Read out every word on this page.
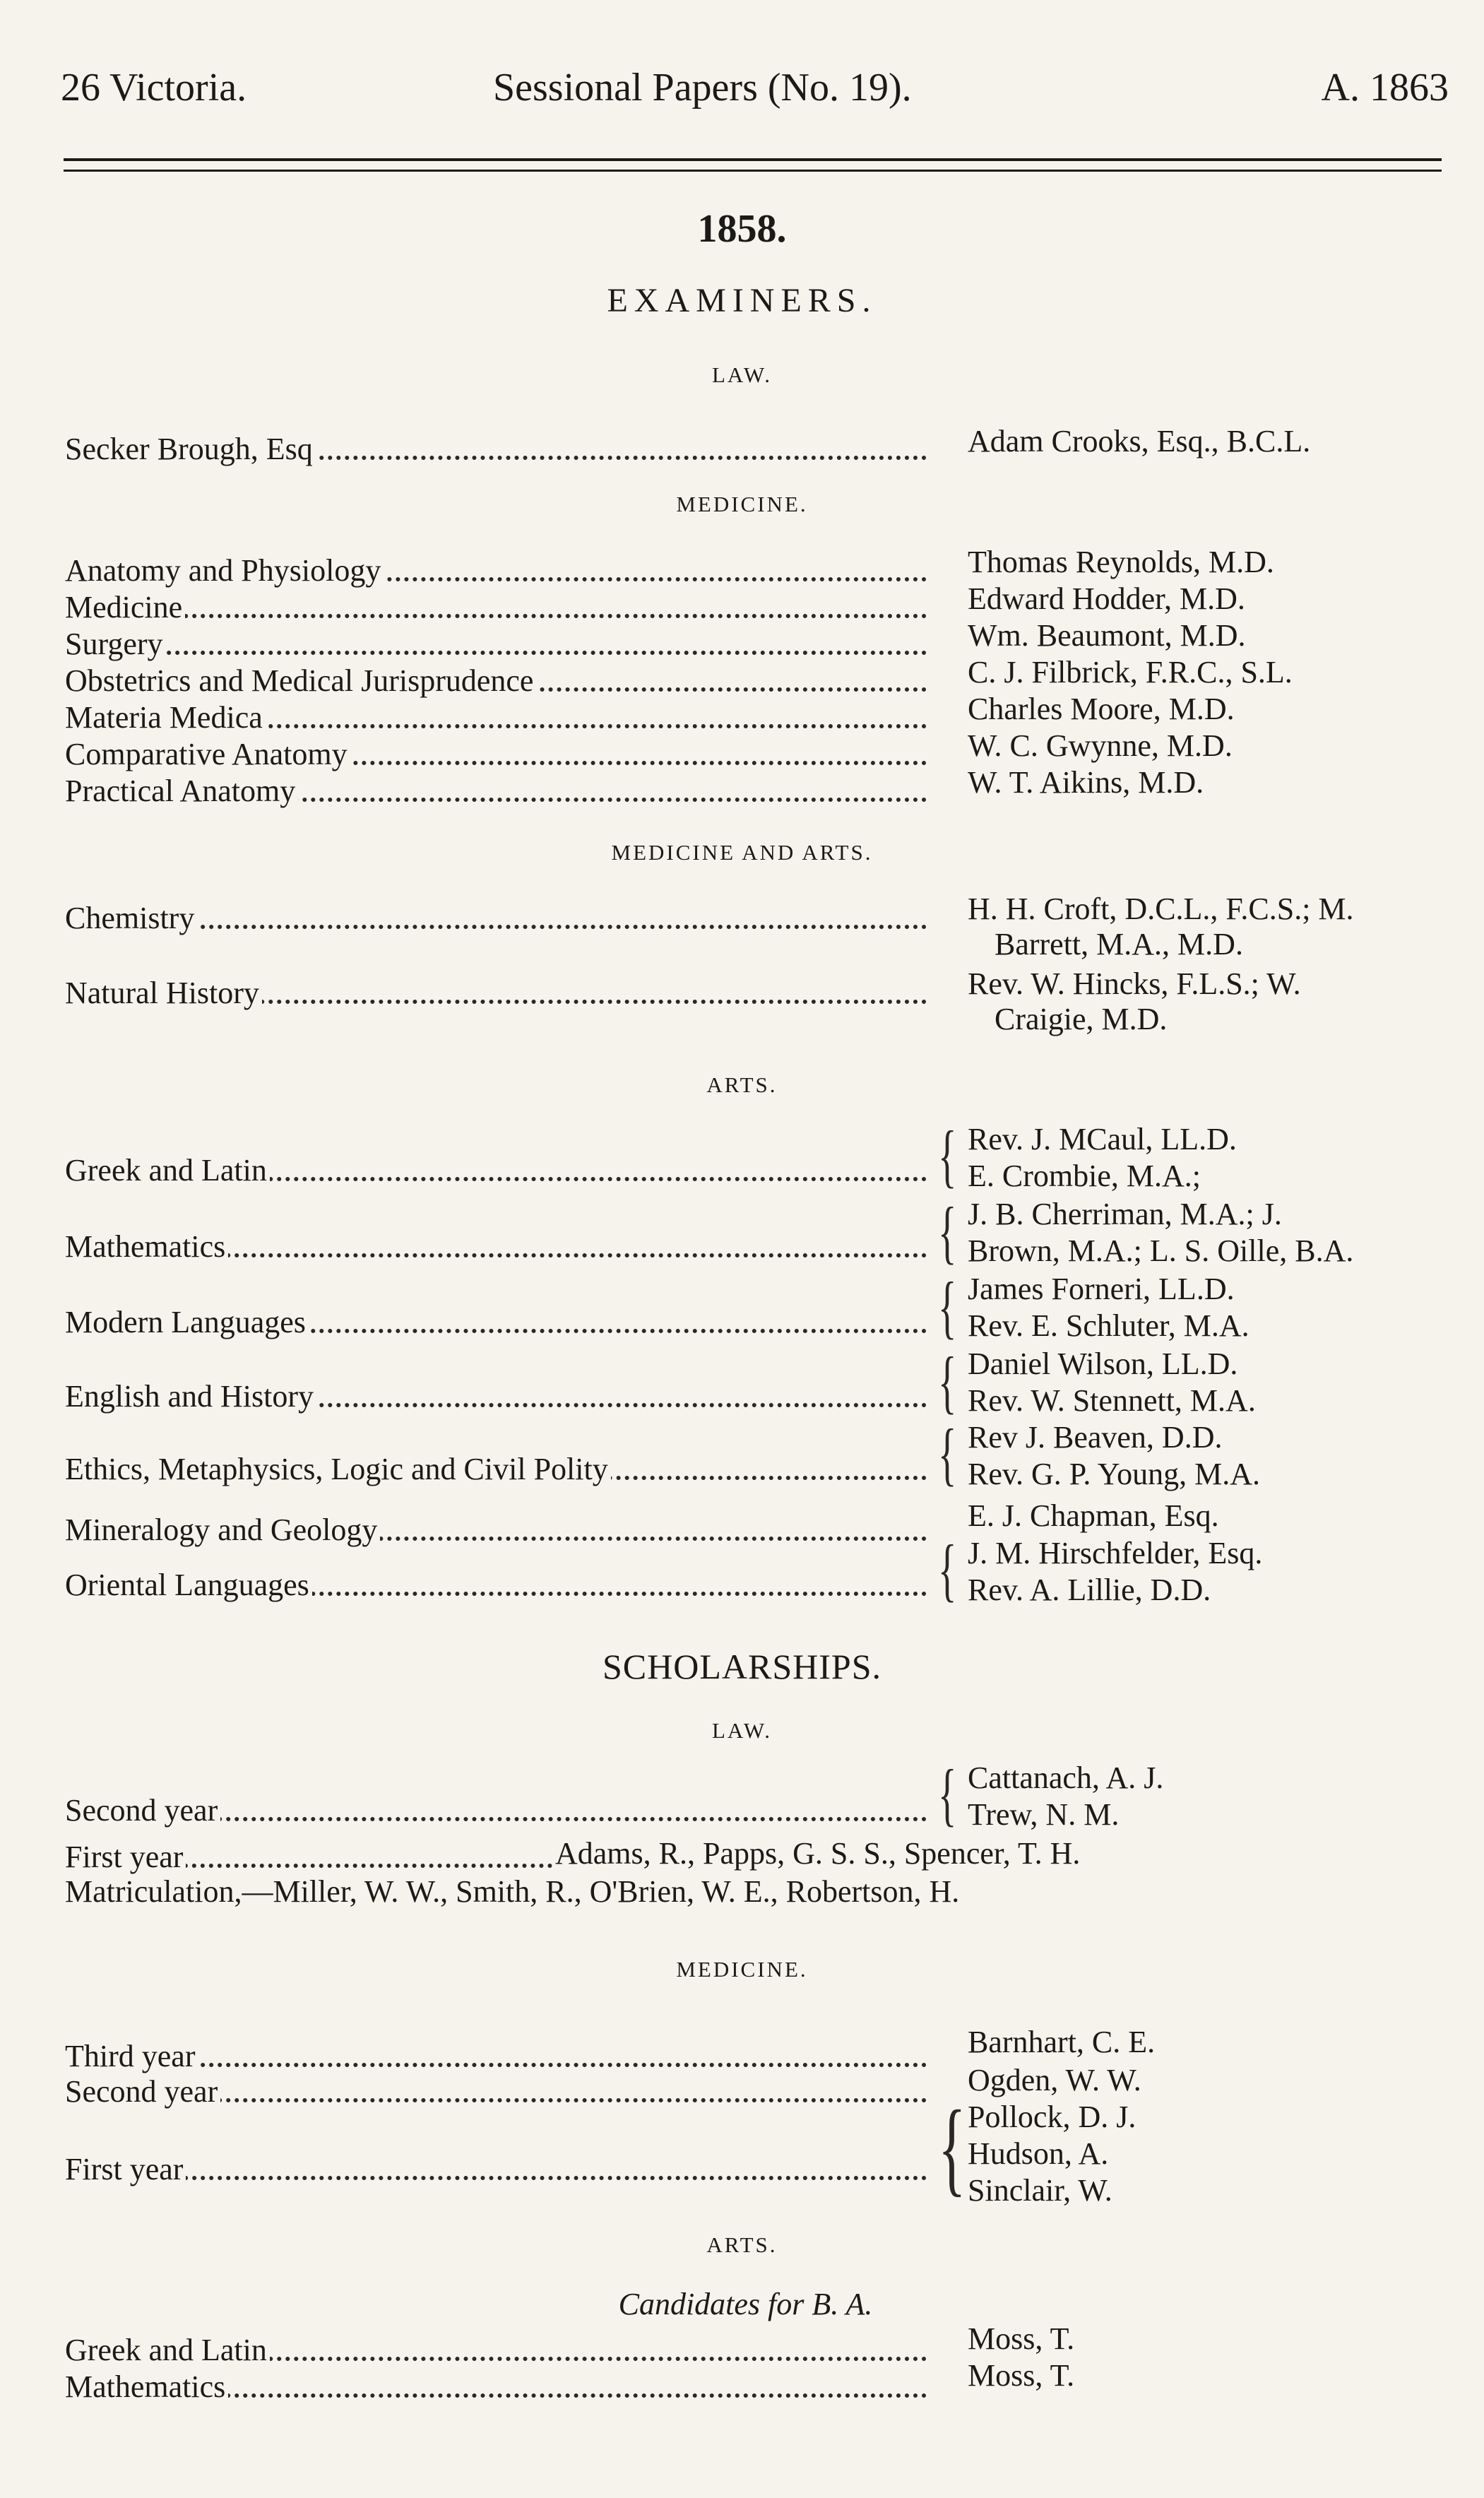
26 Victoria.	Sessional Papers (No. 19).	A. 1863
1858.
EXAMINERS.
LAW.
Secker Brough, Esq	Adam Crooks, Esq., B.C.L.
MEDICINE.
Anatomy and Physiology	Thomas Reynolds, M.D.
Medicine	Edward Hodder, M.D.
Surgery	Wm. Beaumont, M.D.
Obstetrics and Medical Jurisprudence	C. J. Filbrick, F.R.C., S.L.
Materia Medica	Charles Moore, M.D.
Comparative Anatomy	W. C. Gwynne, M.D.
Practical Anatomy	W. T. Aikins, M.D.
MEDICINE AND ARTS.
Chemistry	H. H. Croft, D.C.L., F.C.S.; M.
Barrett, M.A., M.D.
Natural History	Rev. W. Hincks, F.L.S.; W.
Craigie, M.D.
ARTS.
Greek and Latin	{ Rev. J. MCaul, LL.D.
E. Crombie, M.A.;
Mathematics	{ J. B. Cherriman, M.A.; J.
Brown, M.A.; L. S. Oille, B.A.
Modern Languages	{ James Forneri, LL.D.
Rev. E. Schluter, M.A.
English and History	{ Daniel Wilson, LL.D.
Rev. W. Stennett, M.A.
Ethics, Metaphysics, Logic and Civil Polity	{ Rev J. Beaven, D.D.
Rev. G. P. Young, M.A.
Mineralogy and Geology	E. J. Chapman, Esq.
Oriental Languages	{ J. M. Hirschfelder, Esq.
Rev. A. Lillie, D.D.
SCHOLARSHIPS.
LAW.
Second year	{ Cattanach, A. J.
Trew, N. M.
First year	Adams, R., Papps, G. S. S., Spencer, T. H.
Matriculation,—Miller, W. W., Smith, R., O'Brien, W. E., Robertson, H.
MEDICINE.
Third year	Barnhart, C. E.
Second year	Ogden, W. W.
First year	{ Pollock, D. J.
Hudson, A.
Sinclair, W.
ARTS.
Candidates for B. A.
Greek and Latin	Moss, T.
Mathematics	Moss, T.
